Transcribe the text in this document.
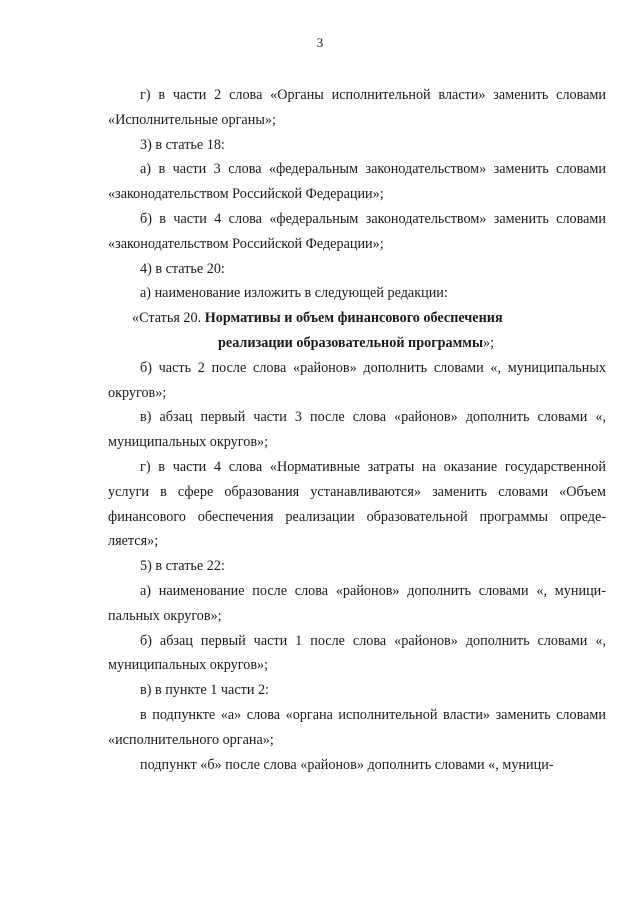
3

г) в части 2 слова «Органы исполнительной власти» заменить словами «Исполнительные органы»;

3) в статье 18:

а) в части 3 слова «федеральным законодательством» заменить словами «законодательством Российской Федерации»;

б) в части 4 слова «федеральным законодательством» заменить словами «законодательством Российской Федерации»;

4) в статье 20:

а) наименование изложить в следующей редакции:

«Статья 20. Нормативы и объем финансового обеспечения

реализации образовательной программы»;

б) часть 2 после слова «районов» дополнить словами «, муниципальных округов»;

в) абзац первый части 3 после слова «районов» дополнить словами «, муниципальных округов»;

г) в части 4 слова «Нормативные затраты на оказание государственной услуги в сфере образования устанавливаются» заменить словами «Объем финансового обеспечения реализации образовательной программы определяется»;

5) в статье 22:

а) наименование после слова «районов» дополнить словами «, муниципальных округов»;

б) абзац первый части 1 после слова «районов» дополнить словами «, муниципальных округов»;

в) в пункте 1 части 2:

в подпункте «а» слова «органа исполнительной власти» заменить словами «исполнительного органа»;

подпункт «б» после слова «районов» дополнить словами «, муници-
